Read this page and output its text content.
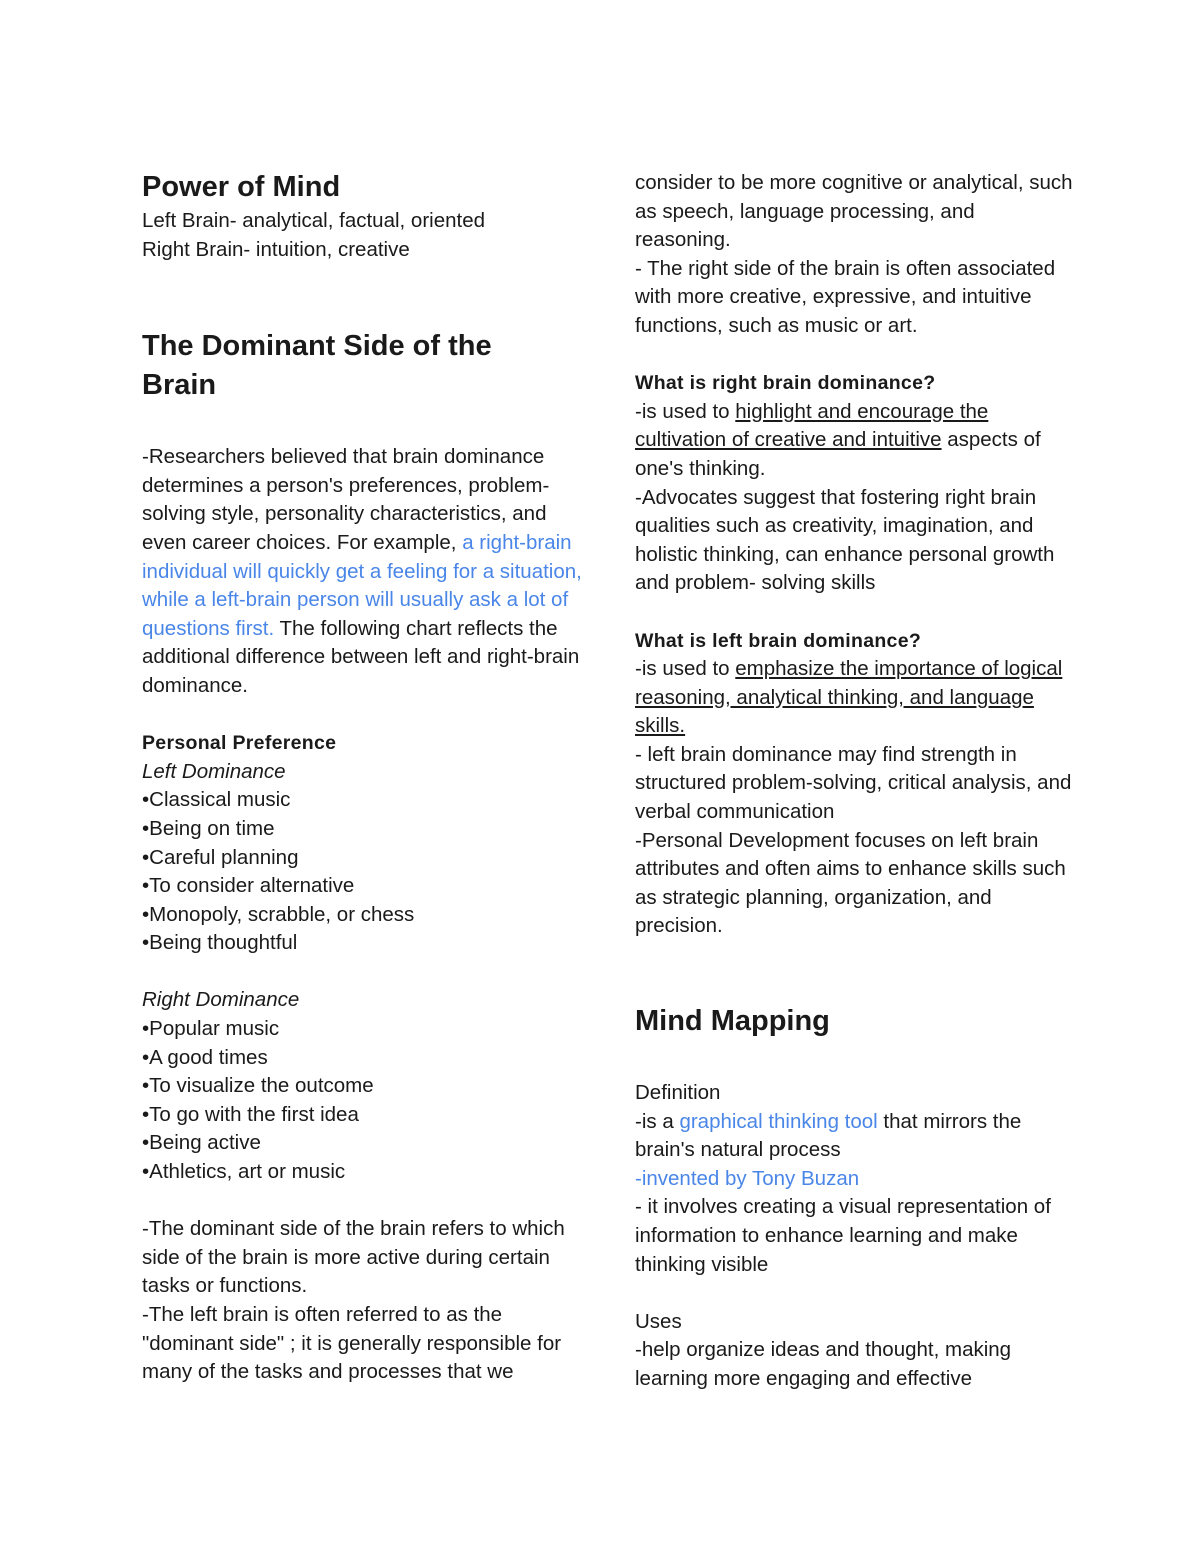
Power of Mind

Left Brain- analytical, factual, oriented

Right Brain- intuition, creative

The Dominant Side of the
Brain

-Researchers believed that brain dominance determines a person's preferences, problem-solving style, personality characteristics, and even career choices. For example, a right-brain individual will quickly get a feeling for a situation, while a left-brain person will usually ask a lot of questions first. The following chart reflects the additional difference between left and right-brain dominance.

Personal Preference

Left Dominance

•Classical music

•Being on time

•Careful planning

•To consider alternative

•Monopoly, scrabble, or chess

•Being thoughtful

Right Dominance

•Popular music

•A good times

•To visualize the outcome

•To go with the first idea

•Being active

•Athletics, art or music

-The dominant side of the brain refers to which side of the brain is more active during certain tasks or functions.

-The left brain is often referred to as the "dominant side" ; it is generally responsible for many of the tasks and processes that we

consider to be more cognitive or analytical, such as speech, language processing, and reasoning.

- The right side of the brain is often associated with more creative, expressive, and intuitive functions, such as music or art.

What is right brain dominance?

-is used to highlight and encourage the cultivation of creative and intuitive aspects of one's thinking.

-Advocates suggest that fostering right brain qualities such as creativity, imagination, and holistic thinking, can enhance personal growth and problem- solving skills

What is left brain dominance?

-is used to emphasize the importance of logical reasoning, analytical thinking, and language skills.

- left brain dominance may find strength in structured problem-solving, critical analysis, and verbal communication

-Personal Development focuses on left brain attributes and often aims to enhance skills such as strategic planning, organization, and precision.

Mind Mapping

Definition

-is a graphical thinking tool that mirrors the brain's natural process

-invented by Tony Buzan

- it involves creating a visual representation of information to enhance learning and make thinking visible

Uses

-help organize ideas and thought, making learning more engaging and effective
